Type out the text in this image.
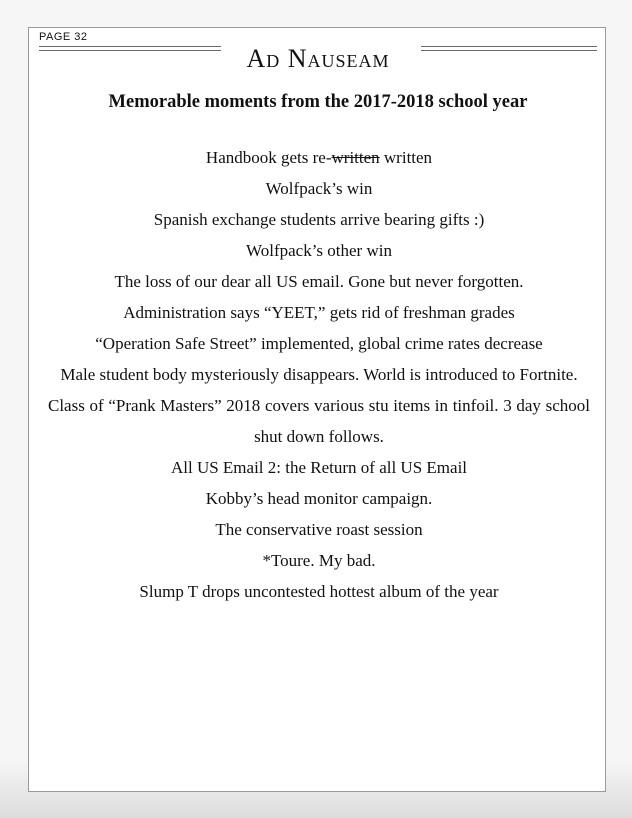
PAGE 32
Ad Nauseam
Memorable moments from the 2017-2018 school year
Handbook gets re-written written
Wolfpack’s win
Spanish exchange students arrive bearing gifts :)
Wolfpack’s other win
The loss of our dear all US email. Gone but never forgotten.
Administration says “YEET,” gets rid of freshman grades
“Operation Safe Street” implemented, global crime rates decrease
Male student body mysteriously disappears. World is introduced to Fortnite.
Class of “Prank Masters” 2018 covers various stu items in tinfoil. 3 day school shut down follows.
All US Email 2: the Return of all US Email
Kobby’s head monitor campaign.
The conservative roast session
*Toure. My bad.
Slump T drops uncontested hottest album of the year
